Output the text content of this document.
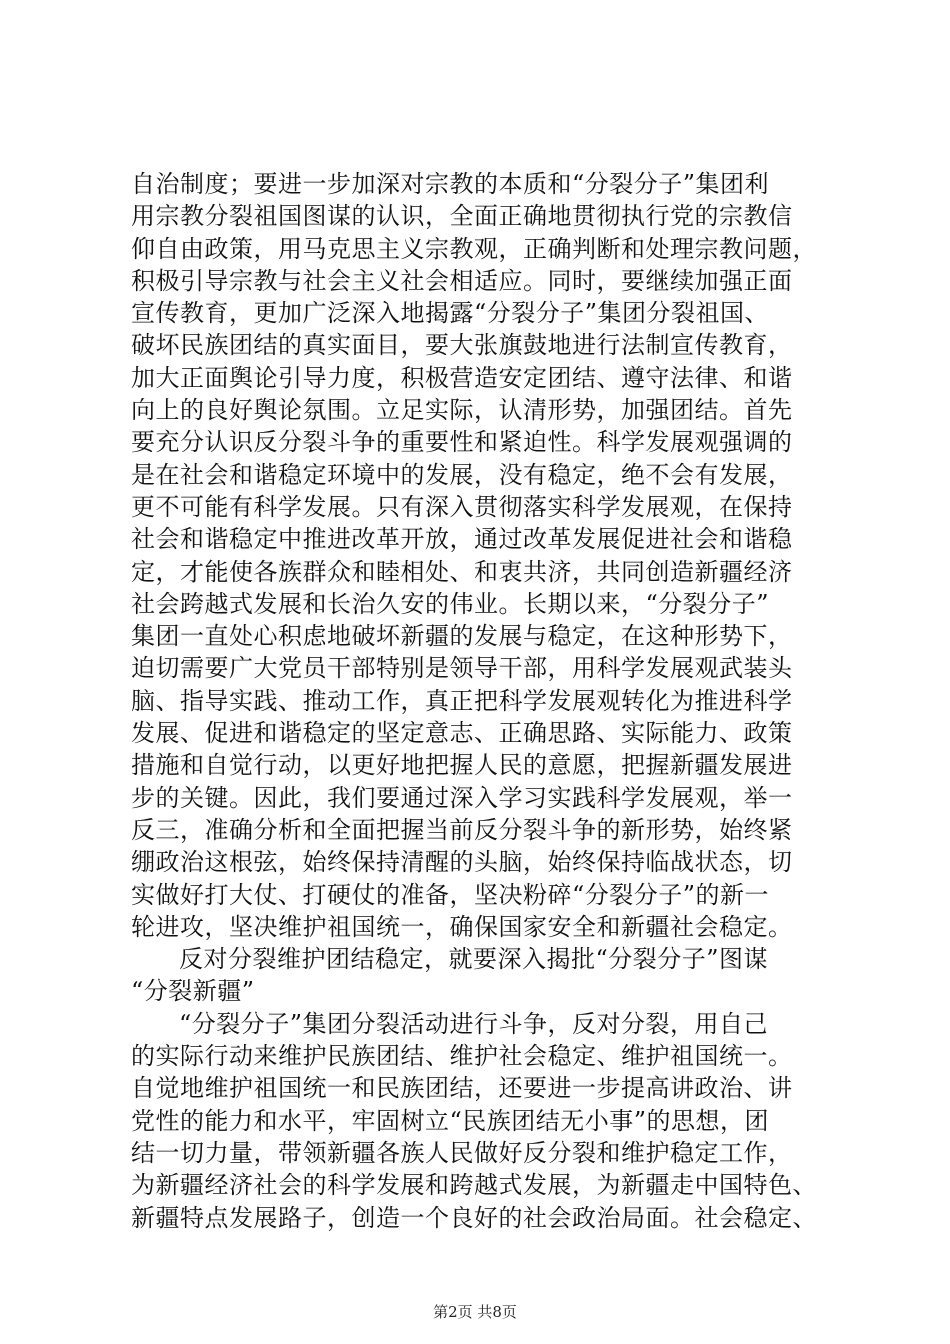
自治制度；要进一步加深对宗教的本质和“分裂分子”集团利
用宗教分裂祖国图谋的认识，全面正确地贯彻执行党的宗教信
仰自由政策，用马克思主义宗教观，正确判断和处理宗教问题，
积极引导宗教与社会主义社会相适应。同时，要继续加强正面
宣传教育，更加广泛深入地揭露“分裂分子”集团分裂祖国、
破坏民族团结的真实面目，要大张旗鼓地进行法制宣传教育，
加大正面舆论引导力度，积极营造安定团结、遵守法律、和谐
向上的良好舆论氛围。立足实际，认清形势，加强团结。首先
要充分认识反分裂斗争的重要性和紧迫性。科学发展观强调的
是在社会和谐稳定环境中的发展，没有稳定，绝不会有发展，
更不可能有科学发展。只有深入贯彻落实科学发展观，在保持
社会和谐稳定中推进改革开放，通过改革发展促进社会和谐稳
定，才能使各族群众和睦相处、和衷共济，共同创造新疆经济
社会跨越式发展和长治久安的伟业。长期以来，“分裂分子”
集团一直处心积虑地破坏新疆的发展与稳定，在这种形势下，
迫切需要广大党员干部特别是领导干部，用科学发展观武装头
脑、指导实践、推动工作，真正把科学发展观转化为推进科学
发展、促进和谐稳定的坚定意志、正确思路、实际能力、政策
措施和自觉行动，以更好地把握人民的意愿，把握新疆发展进
步的关键。因此，我们要通过深入学习实践科学发展观，举一
反三，准确分析和全面把握当前反分裂斗争的新形势，始终紧
绷政治这根弦，始终保持清醒的头脑，始终保持临战状态，切
实做好打大仗、打硬仗的准备，坚决粉碎“分裂分子”的新一
轮进攻，坚决维护祖国统一，确保国家安全和新疆社会稳定。
反对分裂维护团结稳定，就要深入揭批“分裂分子”图谋
“分裂新疆”
“分裂分子”集团分裂活动进行斗争，反对分裂，用自己
的实际行动来维护民族团结、维护社会稳定、维护祖国统一。
自觉地维护祖国统一和民族团结，还要进一步提高讲政治、讲
党性的能力和水平，牢固树立“民族团结无小事”的思想，团
结一切力量，带领新疆各族人民做好反分裂和维护稳定工作，
为新疆经济社会的科学发展和跨越式发展，为新疆走中国特色、
新疆特点发展路子，创造一个良好的社会政治局面。社会稳定、
第2页 共8页
